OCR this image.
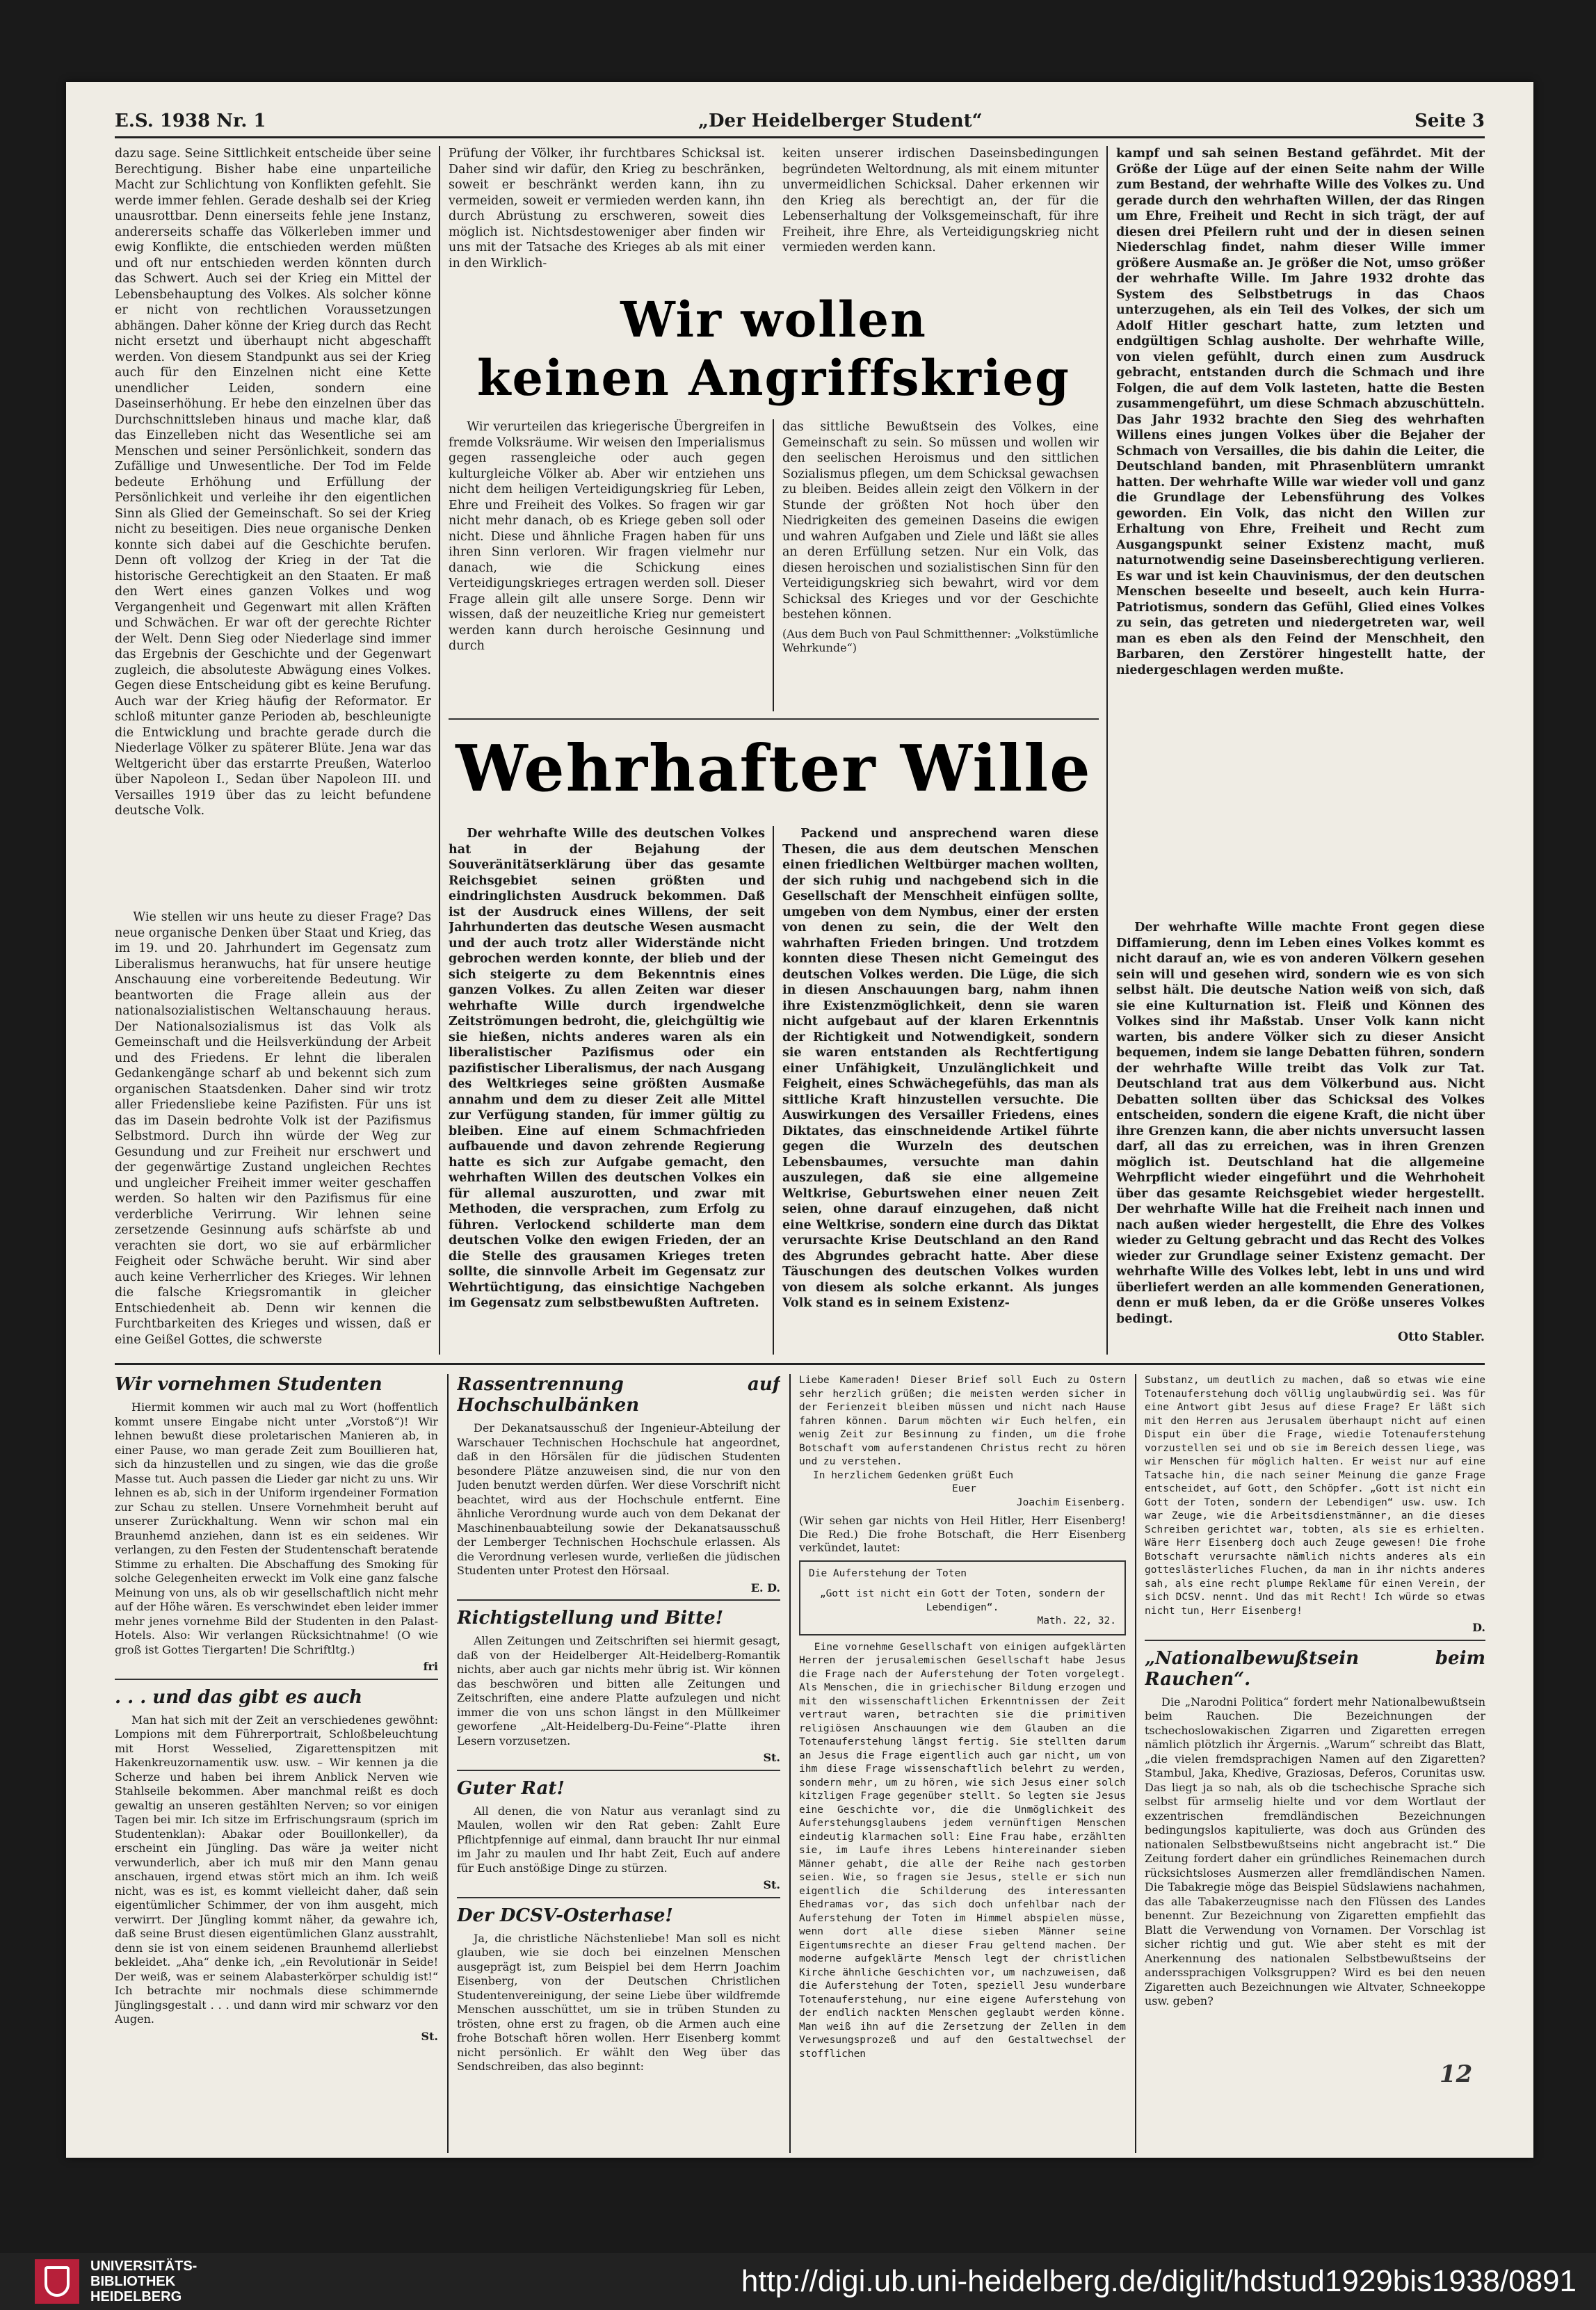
E.S. 1938 Nr. 1	„Der Heidelberger Student“	Seite 3

dazu sage. Seine Sittlichkeit entscheide über seine Berechtigung. Bisher habe eine unparteiliche Macht zur Schlichtung von Konflikten gefehlt. Sie werde immer fehlen. Gerade deshalb sei der Krieg unausrottbar. Denn einerseits fehle jene Instanz, andererseits schaffe das Völkerleben immer und ewig Konflikte, die entschieden werden müßten und oft nur entschieden werden könnten durch das Schwert. Auch sei der Krieg ein Mittel der Lebensbehauptung des Volkes. Als solcher könne er nicht von rechtlichen Voraussetzungen abhängen. Daher könne der Krieg durch das Recht nicht ersetzt und überhaupt nicht abgeschafft werden. Von diesem Standpunkt aus sei der Krieg auch für den Einzelnen nicht eine Kette unendlicher Leiden, sondern eine Daseinserhöhung. Er hebe den einzelnen über das Durchschnittsleben hinaus und mache klar, daß das Einzelleben nicht das Wesentliche sei am Menschen und seiner Persönlichkeit, sondern das Zufällige und Unwesentliche. Der Tod im Felde bedeute Erhöhung und Erfüllung der Persönlichkeit und verleihe ihr den eigentlichen Sinn als Glied der Gemeinschaft. So sei der Krieg nicht zu beseitigen. Dies neue organische Denken konnte sich dabei auf die Geschichte berufen. Denn oft vollzog der Krieg in der Tat die historische Gerechtigkeit an den Staaten. Er maß den Wert eines ganzen Volkes und wog Vergangenheit und Gegenwart mit allen Kräften und Schwächen. Er war oft der gerechte Richter der Welt. Denn Sieg oder Niederlage sind immer das Ergebnis der Geschichte und der Gegenwart zugleich, die absoluteste Abwägung eines Volkes. Gegen diese Entscheidung gibt es keine Berufung. Auch war der Krieg häufig der Reformator. Er schloß mitunter ganze Perioden ab, beschleunigte die Entwicklung und brachte gerade durch die Niederlage Völker zu späterer Blüte. Jena war das Weltgericht über das erstarrte Preußen, Waterloo über Napoleon I., Sedan über Napoleon III. und Versailles 1919 über das zu leicht befundene deutsche Volk.

Wie stellen wir uns heute zu dieser Frage? Das neue organische Denken über Staat und Krieg, das im 19. und 20. Jahrhundert im Gegensatz zum Liberalismus heranwuchs, hat für unsere heutige Anschauung eine vorbereitende Bedeutung. Wir beantworten die Frage allein aus der nationalsozialistischen Weltanschauung heraus. Der Nationalsozialismus ist das Volk als Gemeinschaft und die Heilsverkündung der Arbeit und des Friedens. Er lehnt die liberalen Gedankengänge scharf ab und bekennt sich zum organischen Staatsdenken. Daher sind wir trotz aller Friedensliebe keine Pazifisten. Für uns ist das im Dasein bedrohte Volk ist der Pazifismus Selbstmord. Durch ihn würde der Weg zur Gesundung und zur Freiheit nur erschwert und der gegenwärtige Zustand ungleichen Rechtes und ungleicher Freiheit immer weiter geschaffen werden. So halten wir den Pazifismus für eine verderbliche Verirrung. Wir lehnen seine zersetzende Gesinnung aufs schärfste ab und verachten sie dort, wo sie auf erbärmlicher Feigheit oder Schwäche beruht. Wir sind aber auch keine Verherrlicher des Krieges. Wir lehnen die falsche Kriegsromantik in gleicher Entschiedenheit ab. Denn wir kennen die Furchtbarkeiten des Krieges und wissen, daß er eine Geißel Gottes, die schwerste

Prüfung der Völker, ihr furchtbares Schicksal ist. Daher sind wir dafür, den Krieg zu beschränken, soweit er beschränkt werden kann, ihn zu vermeiden, soweit er vermieden werden kann, ihn durch Abrüstung zu erschweren, soweit dies möglich ist. Nichtsdestoweniger aber finden wir uns mit der Tatsache des Krieges ab als mit einer in den Wirklich-

keiten unserer irdischen Daseinsbedingungen begründeten Weltordnung, als mit einem mitunter unvermeidlichen Schicksal. Daher erkennen wir den Krieg als berechtigt an, der für die Lebenserhaltung der Volksgemeinschaft, für ihre Freiheit, ihre Ehre, als Verteidigungskrieg nicht vermieden werden kann.

Wir wollen
keinen Angriffskrieg

Wir verurteilen das kriegerische Übergreifen in fremde Volksräume. Wir weisen den Imperialismus gegen rassengleiche oder auch gegen kulturgleiche Völker ab. Aber wir entziehen uns nicht dem heiligen Verteidigungskrieg für Leben, Ehre und Freiheit des Volkes. So fragen wir gar nicht mehr danach, ob es Kriege geben soll oder nicht. Diese und ähnliche Fragen haben für uns ihren Sinn verloren. Wir fragen vielmehr nur danach, wie die Schickung eines Verteidigungskrieges ertragen werden soll. Dieser Frage allein gilt alle unsere Sorge. Denn wir wissen, daß der neuzeitliche Krieg nur gemeistert werden kann durch heroische Gesinnung und durch

das sittliche Bewußtsein des Volkes, eine Gemeinschaft zu sein. So müssen und wollen wir den seelischen Heroismus und den sittlichen Sozialismus pflegen, um dem Schicksal gewachsen zu bleiben. Beides allein zeigt den Völkern in der Stunde der größten Not hoch über den Niedrigkeiten des gemeinen Daseins die ewigen und wahren Aufgaben und Ziele und läßt sie alles an deren Erfüllung setzen. Nur ein Volk, das diesen heroischen und sozialistischen Sinn für den Verteidigungskrieg sich bewahrt, wird vor dem Schicksal des Krieges und vor der Geschichte bestehen können.

(Aus dem Buch von Paul Schmitthenner: „Volkstümliche Wehrkunde“)
Wehrhafter Wille

Der wehrhafte Wille des deutschen Volkes hat in der Bejahung der Souveränitätserklärung über das gesamte Reichsgebiet seinen größten und eindringlichsten Ausdruck bekommen. Daß ist der Ausdruck eines Willens, der seit Jahrhunderten das deutsche Wesen ausmacht und der auch trotz aller Widerstände nicht gebrochen werden konnte, der blieb und der sich steigerte zu dem Bekenntnis eines ganzen Volkes. Zu allen Zeiten war dieser wehrhafte Wille durch irgendwelche Zeitströmungen bedroht, die, gleichgültig wie sie hießen, nichts anderes waren als ein liberalistischer Pazifismus oder ein pazifistischer Liberalismus, der nach Ausgang des Weltkrieges seine größten Ausmaße annahm und dem zu dieser Zeit alle Mittel zur Verfügung standen, für immer gültig zu bleiben. Eine auf einem Schmachfrieden aufbauende und davon zehrende Regierung hatte es sich zur Aufgabe gemacht, den wehrhaften Willen des deutschen Volkes ein für allemal auszurotten, und zwar mit Methoden, die versprachen, zum Erfolg zu führen. Verlockend schilderte man dem deutschen Volke den ewigen Frieden, der an die Stelle des grausamen Krieges treten sollte, die sinnvolle Arbeit im Gegensatz zur Wehrtüchtigung, das einsichtige Nachgeben im Gegensatz zum selbstbewußten Auftreten.

Packend und ansprechend waren diese Thesen, die aus dem deutschen Menschen einen friedlichen Weltbürger machen wollten, der sich ruhig und nachgebend sich in die Gesellschaft der Menschheit einfügen sollte, umgeben von dem Nymbus, einer der ersten von denen zu sein, die der Welt den wahrhaften Frieden bringen. Und trotzdem konnten diese Thesen nicht Gemeingut des deutschen Volkes werden. Die Lüge, die sich in diesen Anschauungen barg, nahm ihnen ihre Existenzmöglichkeit, denn sie waren nicht aufgebaut auf der klaren Erkenntnis der Richtigkeit und Notwendigkeit, sondern sie waren entstanden als Rechtfertigung einer Unfähigkeit, Unzulänglichkeit und Feigheit, eines Schwächegefühls, das man als sittliche Kraft hinzustellen versuchte. Die Auswirkungen des Versailler Friedens, eines Diktates, das einschneidende Artikel führte gegen die Wurzeln des deutschen Lebensbaumes, versuchte man dahin auszulegen, daß sie eine allgemeine Weltkrise, Geburtswehen einer neuen Zeit seien, ohne darauf einzugehen, daß nicht eine Weltkrise, sondern eine durch das Diktat verursachte Krise Deutschland an den Rand des Abgrundes gebracht hatte. Aber diese Täuschungen des deutschen Volkes wurden von diesem als solche erkannt. Als junges Volk stand es in seinem Existenz-

kampf und sah seinen Bestand gefährdet. Mit der Größe der Lüge auf der einen Seite nahm der Wille zum Bestand, der wehrhafte Wille des Volkes zu. Und gerade durch den wehrhaften Willen, der das Ringen um Ehre, Freiheit und Recht in sich trägt, der auf diesen drei Pfeilern ruht und der in diesen seinen Niederschlag findet, nahm dieser Wille immer größere Ausmaße an. Je größer die Not, umso größer der wehrhafte Wille. Im Jahre 1932 drohte das System des Selbstbetrugs in das Chaos unterzugehen, als ein Teil des Volkes, der sich um Adolf Hitler geschart hatte, zum letzten und endgültigen Schlag ausholte. Der wehrhafte Wille, von vielen gefühlt, durch einen zum Ausdruck gebracht, entstanden durch die Schmach und ihre Folgen, die auf dem Volk lasteten, hatte die Besten zusammengeführt, um diese Schmach abzuschütteln. Das Jahr 1932 brachte den Sieg des wehrhaften Willens eines jungen Volkes über die Bejaher der Schmach von Versailles, die bis dahin die Leiter, die Deutschland banden, mit Phrasenblütern umrankt hatten. Der wehrhafte Wille war wieder voll und ganz die Grundlage der Lebensführung des Volkes geworden. Ein Volk, das nicht den Willen zur Erhaltung von Ehre, Freiheit und Recht zum Ausgangspunkt seiner Existenz macht, muß naturnotwendig seine Daseinsberechtigung verlieren. Es war und ist kein Chauvinismus, der den deutschen Menschen beseelte und beseelt, auch kein Hurra-Patriotismus, sondern das Gefühl, Glied eines Volkes zu sein, das getreten und niedergetreten war, weil man es eben als den Feind der Menschheit, den Barbaren, den Zerstörer hingestellt hatte, der niedergeschlagen werden mußte.

Der wehrhafte Wille machte Front gegen diese Diffamierung, denn im Leben eines Volkes kommt es nicht darauf an, wie es von anderen Völkern gesehen sein will und gesehen wird, sondern wie es von sich selbst hält. Die deutsche Nation weiß von sich, daß sie eine Kulturnation ist. Fleiß und Können des Volkes sind ihr Maßstab. Unser Volk kann nicht warten, bis andere Völker sich zu dieser Ansicht bequemen, indem sie lange Debatten führen, sondern der wehrhafte Wille treibt das Volk zur Tat. Deutschland trat aus dem Völkerbund aus. Nicht Debatten sollten über das Schicksal des Volkes entscheiden, sondern die eigene Kraft, die nicht über ihre Grenzen kann, die aber nichts unversucht lassen darf, all das zu erreichen, was in ihren Grenzen möglich ist. Deutschland hat die allgemeine Wehrpflicht wieder eingeführt und die Wehrhoheit über das gesamte Reichsgebiet wieder hergestellt. Der wehrhafte Wille hat die Freiheit nach innen und nach außen wieder hergestellt, die Ehre des Volkes wieder zu Geltung gebracht und das Recht des Volkes wieder zur Grundlage seiner Existenz gemacht. Der wehrhafte Wille des Volkes lebt, lebt in uns und wird überliefert werden an alle kommenden Generationen, denn er muß leben, da er die Größe unseres Volkes bedingt.

Otto Stabler.
Wir vornehmen Studenten

Hiermit kommen wir auch mal zu Wort (hoffentlich kommt unsere Eingabe nicht unter „Vorstoß“)! Wir lehnen bewußt diese proletarischen Manieren ab, in einer Pause, wo man gerade Zeit zum Bouillieren hat, sich da hinzustellen und zu singen, wie das die große Masse tut. Auch passen die Lieder gar nicht zu uns. Wir lehnen es ab, sich in der Uniform irgendeiner Formation zur Schau zu stellen. Unsere Vornehmheit beruht auf unserer Zurückhaltung. Wenn wir schon mal ein Braunhemd anziehen, dann ist es ein seidenes. Wir verlangen, zu den Festen der Studentenschaft beratende Stimme zu erhalten. Die Abschaffung des Smoking für solche Gelegenheiten erweckt im Volk eine ganz falsche Meinung von uns, als ob wir gesellschaftlich nicht mehr auf der Höhe wären. Es verschwindet eben leider immer mehr jenes vornehme Bild der Studenten in den Palast-Hotels. Also: Wir verlangen Rücksichtnahme! (O wie groß ist Gottes Tiergarten! Die Schriftltg.)

fri
. . . und das gibt es auch

Man hat sich mit der Zeit an verschiedenes gewöhnt: Lompions mit dem Führerportrait, Schloßbeleuchtung mit Horst Wesselied, Zigarettenspitzen mit Hakenkreuzornamentik usw. usw. – Wir kennen ja die Scherze und haben bei ihrem Anblick Nerven wie Stahlseile bekommen. Aber manchmal reißt es doch gewaltig an unseren gestählten Nerven; so vor einigen Tagen bei mir. Ich sitze im Erfrischungsraum (sprich im Studentenklan): Abakar oder Bouillonkeller), da erscheint ein Jüngling. Das wäre ja weiter nicht verwunderlich, aber ich muß mir den Mann genau anschauen, irgend etwas stört mich an ihm. Ich weiß nicht, was es ist, es kommt vielleicht daher, daß sein eigentümlicher Schimmer, der von ihm ausgeht, mich verwirrt. Der Jüngling kommt näher, da gewahre ich, daß seine Brust diesen eigentümlichen Glanz ausstrahlt, denn sie ist von einem seidenen Braunhemd allerliebst bekleidet. „Aha“ denke ich, „ein Revolutionär in Seide! Der weiß, was er seinem Alabasterkörper schuldig ist!“ Ich betrachte mir nochmals diese schimmernde Jünglingsgestalt . . . und dann wird mir schwarz vor den Augen.

St.
Rassentrennung auf Hochschulbänken

Der Dekanatsausschuß der Ingenieur-Abteilung der Warschauer Technischen Hochschule hat angeordnet, daß in den Hörsälen für die jüdischen Studenten besondere Plätze anzuweisen sind, die nur von den Juden benutzt werden dürfen. Wer diese Vorschrift nicht beachtet, wird aus der Hochschule entfernt. Eine ähnliche Verordnung wurde auch von dem Dekanat der Maschinenbauabteilung sowie der Dekanatsausschuß der Lemberger Technischen Hochschule erlassen. Als die Verordnung verlesen wurde, verließen die jüdischen Studenten unter Protest den Hörsaal.

E. D.
Richtigstellung und Bitte!

Allen Zeitungen und Zeitschriften sei hiermit gesagt, daß von der Heidelberger Alt-Heidelberg-Romantik nichts, aber auch gar nichts mehr übrig ist. Wir können das beschwören und bitten alle Zeitungen und Zeitschriften, eine andere Platte aufzulegen und nicht immer die von uns schon längst in den Müllkeimer geworfene „Alt-Heidelberg-Du-Feine“-Platte ihren Lesern vorzusetzen.

St.
Guter Rat!

All denen, die von Natur aus veranlagt sind zu Maulen, wollen wir den Rat geben: Zahlt Eure Pflichtpfennige auf einmal, dann braucht Ihr nur einmal im Jahr zu maulen und Ihr habt Zeit, Euch auf andere für Euch anstößige Dinge zu stürzen.

St.
Der DCSV-Osterhase!

Ja, die christliche Nächstenliebe! Man soll es nicht glauben, wie sie doch bei einzelnen Menschen ausgeprägt ist, zum Beispiel bei dem Herrn Joachim Eisenberg, von der Deutschen Christlichen Studentenvereinigung, der seine Liebe über wildfremde Menschen ausschüttet, um sie in trüben Stunden zu trösten, ohne erst zu fragen, ob die Armen auch eine frohe Botschaft hören wollen. Herr Eisenberg kommt nicht persönlich. Er wählt den Weg über das Sendschreiben, das also beginnt:

Liebe Kameraden! Dieser Brief soll Euch zu Ostern sehr herzlich grüßen; die meisten werden sicher in der Ferienzeit bleiben müssen und nicht nach Hause fahren können. Darum möchten wir Euch helfen, ein wenig Zeit zur Besinnung zu finden, um die frohe Botschaft vom auferstandenen Christus recht zu hören und zu verstehen.

In herzlichem Gedenken grüßt Euch
Euer
Joachim Eisenberg.

(Wir sehen gar nichts von Heil Hitler, Herr Eisenberg! Die Red.) Die frohe Botschaft, die Herr Eisenberg verkündet, lautet:

Die Auferstehung der Toten
„Gott ist nicht ein Gott der Toten, sondern der Lebendigen“.
Math. 22, 32.

Eine vornehme Gesellschaft von einigen aufgeklärten Herren der jerusalemischen Gesellschaft habe Jesus die Frage nach der Auferstehung der Toten vorgelegt. Als Menschen, die in griechischer Bildung erzogen und mit den wissenschaftlichen Erkenntnissen der Zeit vertraut waren, betrachten sie die primitiven religiösen Anschauungen wie dem Glauben an die Totenauferstehung längst fertig. Sie stellten darum an Jesus die Frage eigentlich auch gar nicht, um von ihm diese Frage wissenschaftlich belehrt zu werden, sondern mehr, um zu hören, wie sich Jesus einer solch kitzligen Frage gegenüber stellt. So legten sie Jesus eine Geschichte vor, die die Unmöglichkeit des Auferstehungsglaubens jedem vernünftigen Menschen eindeutig klarmachen soll: Eine Frau habe, erzählten sie, im Laufe ihres Lebens hintereinander sieben Männer gehabt, die alle der Reihe nach gestorben seien. Wie, so fragen sie Jesus, stelle er sich nun eigentlich die Schilderung des interessanten Ehedramas vor, das sich doch unfehlbar nach der Auferstehung der Toten im Himmel abspielen müsse, wenn dort alle diese sieben Männer seine Eigentumsrechte an dieser Frau geltend machen. Der moderne aufgeklärte Mensch legt der christlichen Kirche ähnliche Geschichten vor, um nachzuweisen, daß die Auferstehung der Toten, speziell Jesu wunderbare Totenauferstehung, nur eine eigene Auferstehung von der endlich nackten Menschen geglaubt werden könne. Man weiß ihn auf die Zersetzung der Zellen in dem Verwesungsprozeß und auf den Gestaltwechsel der stofflichen

Substanz, um deutlich zu machen, daß so etwas wie eine Totenauferstehung doch völlig unglaubwürdig sei. Was für eine Antwort gibt Jesus auf diese Frage? Er läßt sich mit den Herren aus Jerusalem überhaupt nicht auf einen Disput ein über die Frage, wiedie Totenauferstehung vorzustellen sei und ob sie im Bereich dessen liege, was wir Menschen für möglich halten. Er weist nur auf eine Tatsache hin, die nach seiner Meinung die ganze Frage entscheidet, auf Gott, den Schöpfer. „Gott ist nicht ein Gott der Toten, sondern der Lebendigen“ usw. usw. Ich war Zeuge, wie die Arbeitsdienstmänner, an die dieses Schreiben gerichtet war, tobten, als sie es erhielten. Wäre Herr Eisenberg doch auch Zeuge gewesen! Die frohe Botschaft verursachte nämlich nichts anderes als ein gotteslästerliches Fluchen, da man in ihr nichts anderes sah, als eine recht plumpe Reklame für einen Verein, der sich DCSV. nennt. Und das mit Recht! Ich würde so etwas nicht tun, Herr Eisenberg!

D.
„Nationalbewußtsein beim Rauchen“.

Die „Narodni Politica“ fordert mehr Nationalbewußtsein beim Rauchen. Die Bezeichnungen der tschechoslowakischen Zigarren und Zigaretten erregen nämlich plötzlich ihr Ärgernis. „Warum“ schreibt das Blatt, „die vielen fremdsprachigen Namen auf den Zigaretten? Stambul, Jaka, Khedive, Graziosas, Deferos, Corunitas usw. Das liegt ja so nah, als ob die tschechische Sprache sich selbst für armselig hielte und vor dem Wortlaut der exzentrischen fremdländischen Bezeichnungen bedingungslos kapitulierte, was doch aus Gründen des nationalen Selbstbewußtseins nicht angebracht ist.“ Die Zeitung fordert daher ein gründliches Reinemachen durch rücksichtsloses Ausmerzen aller fremdländischen Namen. Die Tabakregie möge das Beispiel Südslawiens nachahmen, das alle Tabakerzeugnisse nach den Flüssen des Landes benennt. Zur Bezeichnung von Zigaretten empfiehlt das Blatt die Verwendung von Vornamen. Der Vorschlag ist sicher richtig und gut. Wie aber steht es mit der Anerkennung des nationalen Selbstbewußtseins der anderssprachigen Volksgruppen? Wird es bei den neuen Zigaretten auch Bezeichnungen wie Altvater, Schneekoppe usw. geben?

12
UNIVERSITÄTS-
BIBLIOTHEK
HEIDELBERG	http://digi.ub.uni-heidelberg.de/diglit/hdstud1929bis1938/0891
